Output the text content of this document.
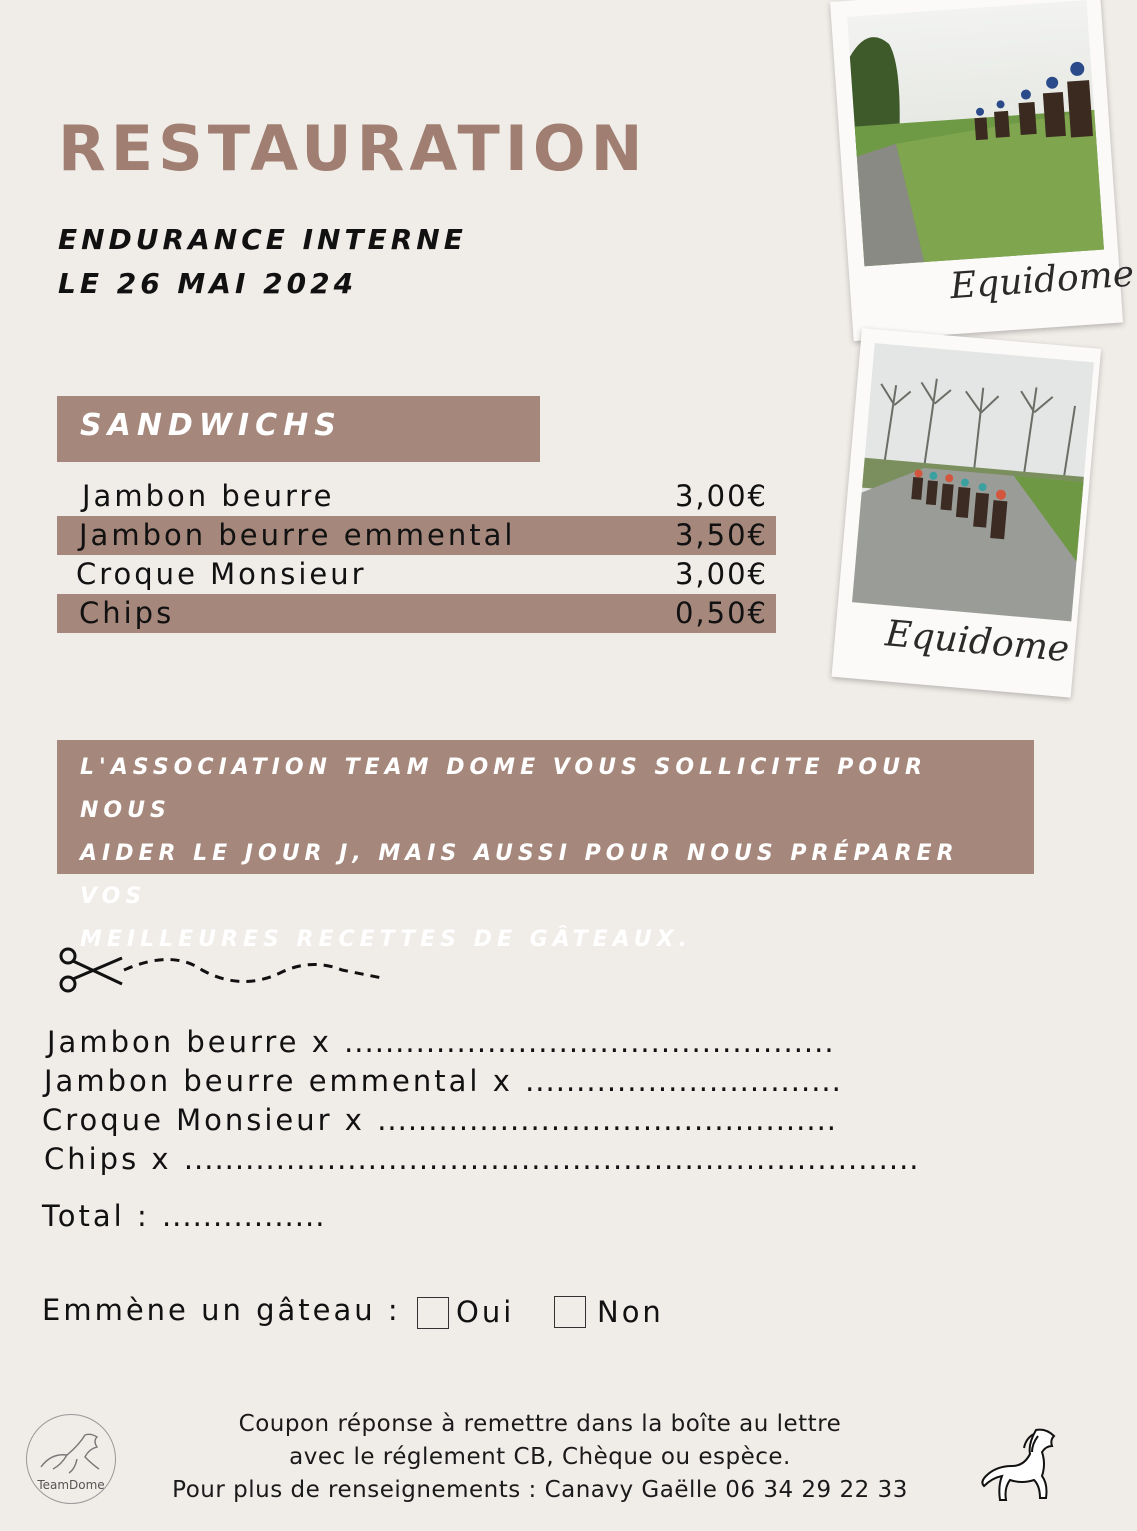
RESTAURATION
ENDURANCE INTERNE
LE 26 MAI 2024	Equidome
Equidome
SANDWICHS
Jambon beurre	3,00€
Jambon beurre emmental	3,50€
Croque Monsieur	3,00€
Chips	0,50€
L'ASSOCIATION TEAM DOME VOUS SOLLICITE POUR NOUS
AIDER LE JOUR J, MAIS AUSSI POUR NOUS PRÉPARER VOS
MEILLEURES RECETTES DE GÂTEAUX.
Jambon beurre x ................................................
Jambon beurre emmental x ...............................
Croque Monsieur x .............................................
Chips x ........................................................................
Total : ................
Emmène un gâteau : Oui	Non
Coupon réponse à remettre dans la boîte au lettre
avec le réglement CB, Chèque ou espèce.
Pour plus de renseignements : Canavy Gaëlle 06 34 29 22 33
TeamDome
